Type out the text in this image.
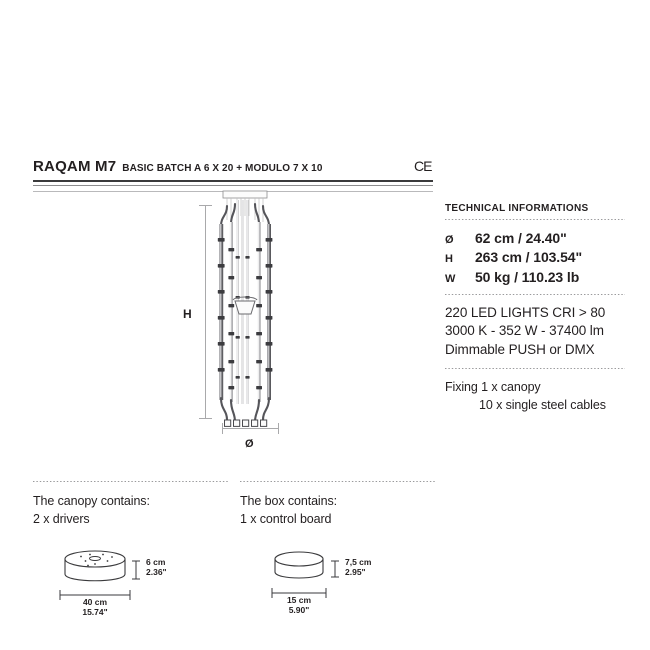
RAQAM M7 BASIC BATCH A 6 X 20 + MODULO 7 X 10	CE
H
Ø
TECHNICAL INFORMATIONS
Ø	62 cm / 24.40"
H	263 cm / 103.54"
W	50 kg / 110.23 lb
220 LED LIGHTS CRI > 80
3000 K - 352 W - 37400 lm
Dimmable PUSH or DMX
Fixing 1 x canopy
10 x single steel cables
The canopy contains:
2 x drivers
6 cm
2.36"
40 cm
15.74"
The box contains:
1 x control board
7,5 cm
2.95"
15 cm
5.90"
